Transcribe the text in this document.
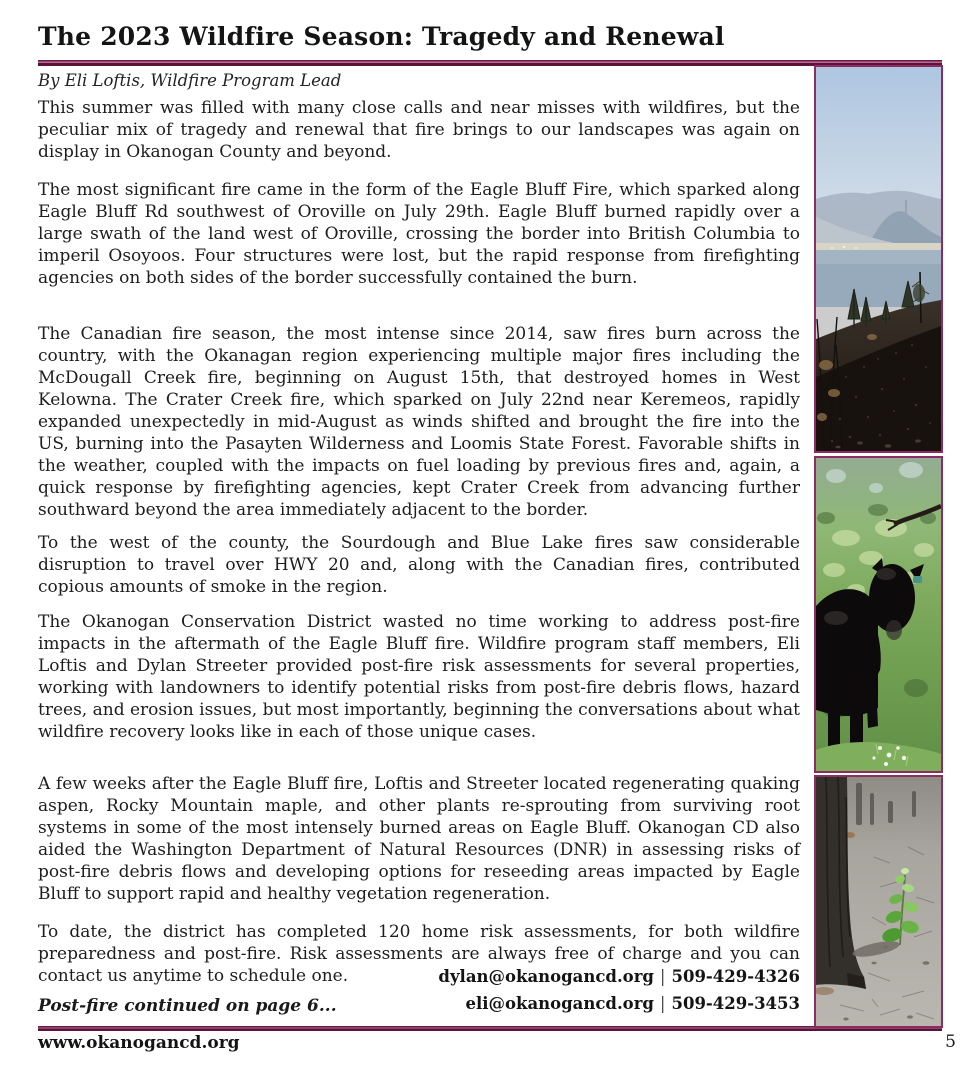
The 2023 Wildfire Season: Tragedy and Renewal
By Eli Loftis, Wildfire Program Lead
This summer was filled with many close calls and near misses with wildfires, but the peculiar mix of tragedy and renewal that fire brings to our landscapes was again on display in Okanogan County and beyond.
The most significant fire came in the form of the Eagle Bluff Fire, which sparked along Eagle Bluff Rd southwest of Oroville on July 29th. Eagle Bluff burned rapidly over a large swath of the land west of Oroville, crossing the border into British Columbia to imperil Osoyoos. Four structures were lost, but the rapid response from firefighting agencies on both sides of the border successfully contained the burn.
The Canadian fire season, the most intense since 2014, saw fires burn across the country, with the Okanagan region experiencing multiple major fires including the McDougall Creek fire, beginning on August 15th, that destroyed homes in West Kelowna. The Crater Creek fire, which sparked on July 22nd near Keremeos, rapidly expanded unexpectedly in mid-August as winds shifted and brought the fire into the US, burning into the Pasayten Wilderness and Loomis State Forest. Favorable shifts in the weather, coupled with the impacts on fuel loading by previous fires and, again, a quick response by firefighting agencies, kept Crater Creek from advancing further southward beyond the area immediately adjacent to the border.
To the west of the county, the Sourdough and Blue Lake fires saw considerable disruption to travel over HWY 20 and, along with the Canadian fires, contributed copious amounts of smoke in the region.
The Okanogan Conservation District wasted no time working to address post-fire impacts in the aftermath of the Eagle Bluff fire. Wildfire program staff members, Eli Loftis and Dylan Streeter provided post-fire risk assessments for several properties, working with landowners to identify potential risks from post-fire debris flows, hazard trees, and erosion issues, but most importantly, beginning the conversations about what wildfire recovery looks like in each of those unique cases.
A few weeks after the Eagle Bluff fire, Loftis and Streeter located regenerating quaking aspen, Rocky Mountain maple, and other plants re-sprouting from surviving root systems in some of the most intensely burned areas on Eagle Bluff. Okanogan CD also aided the Washington Department of Natural Resources (DNR) in assessing risks of post-fire debris flows and developing options for reseeding areas impacted by Eagle Bluff to support rapid and healthy vegetation regeneration.
To date, the district has completed 120 home risk assessments, for both wildfire preparedness and post-fire. Risk assessments are always free of charge and you can contact us anytime to schedule one.	dylan@okanogancd.org | 509-429-4326
eli@okanogancd.org | 509-429-3453
Post-fire continued on page 6...
www.okanogancd.org	5
